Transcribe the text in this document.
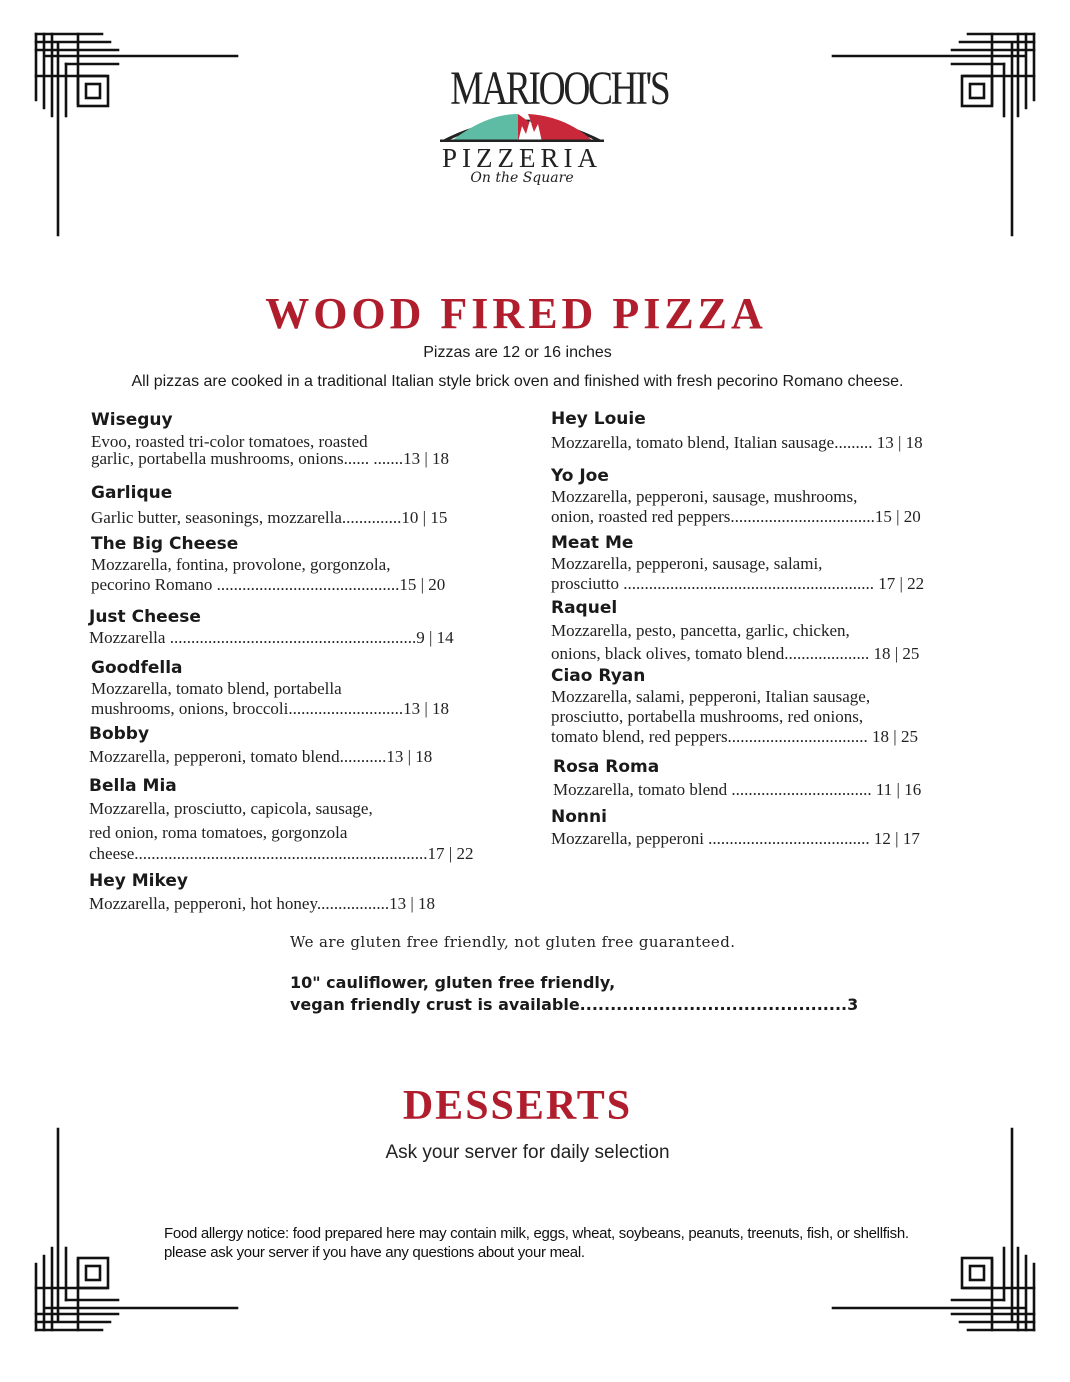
MARIOOCHI'S
PIZZERIA
On the Square
WOOD FIRED PIZZA
Pizzas are 12 or 16 inches
All pizzas are cooked in a traditional Italian style brick oven and finished with fresh pecorino Romano cheese.
Wiseguy
Evoo, roasted tri-color tomatoes, roasted
garlic, portabella mushrooms, onions...... .......13 | 18
Garlique
Garlic butter, seasonings, mozzarella..............10 | 15
The Big Cheese
Mozzarella, fontina, provolone, gorgonzola,
pecorino Romano ...........................................15 | 20
Just Cheese
Mozzarella ..........................................................9 | 14
Goodfella
Mozzarella, tomato blend, portabella
mushrooms, onions, broccoli...........................13 | 18
Bobby
Mozzarella, pepperoni, tomato blend...........13 | 18
Bella Mia
Mozzarella, prosciutto, capicola, sausage,
red onion, roma tomatoes, gorgonzola
cheese.....................................................................17 | 22
Hey Mikey
Mozzarella, pepperoni, hot honey.................13 | 18
Hey Louie
Mozzarella, tomato blend, Italian sausage......... 13 | 18
Yo Joe
Mozzarella, pepperoni, sausage, mushrooms,
onion, roasted red peppers..................................15 | 20
Meat Me
Mozzarella, pepperoni, sausage, salami,
prosciutto ........................................................... 17 | 22
Raquel
Mozzarella, pesto, pancetta, garlic, chicken,
onions, black olives, tomato blend.................... 18 | 25
Ciao Ryan
Mozzarella, salami, pepperoni, Italian sausage,
prosciutto, portabella mushrooms, red onions,
tomato blend, red peppers................................. 18 | 25
Rosa Roma
Mozzarella, tomato blend ................................. 11 | 16
Nonni
Mozzarella, pepperoni ...................................... 12 | 17
We are gluten free friendly, not gluten free guaranteed.
10" cauliflower, gluten free friendly,
vegan friendly crust is available............................................3
DESSERTS
Ask your server for daily selection
Food allergy notice: food prepared here may contain milk, eggs, wheat, soybeans, peanuts, treenuts, fish, or shellfish. please ask your server if you have any questions about your meal.
